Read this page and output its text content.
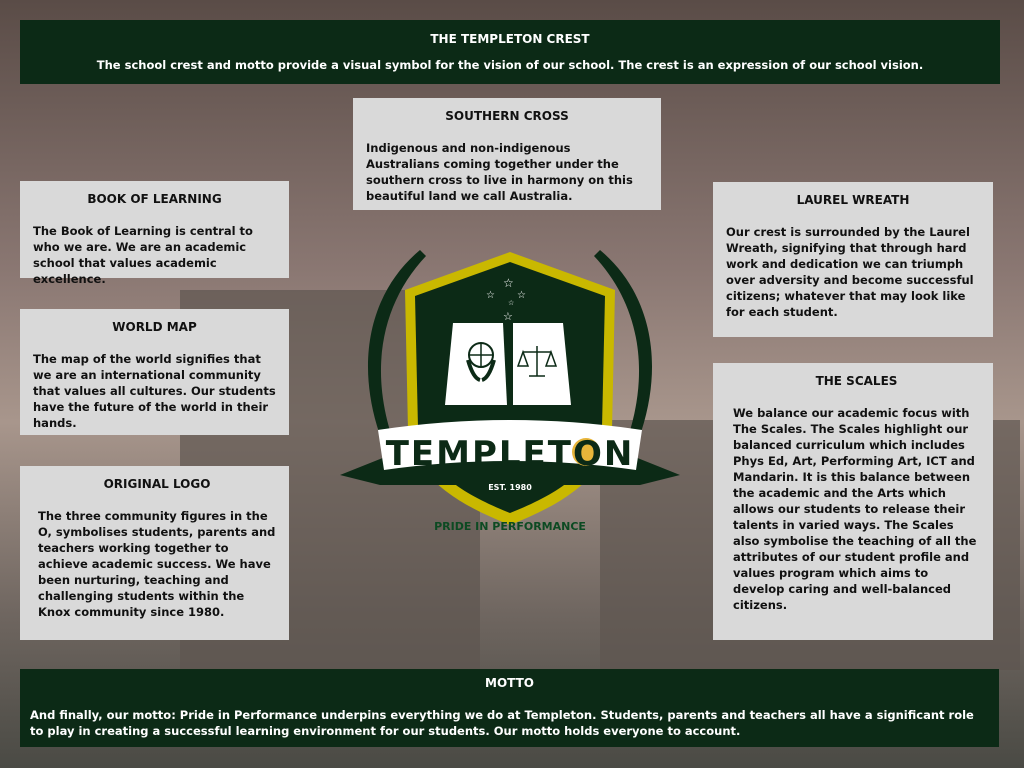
THE TEMPLETON CREST

The school crest and motto provide a visual symbol for the vision of our school. The crest is an expression of our school vision.

SOUTHERN CROSS

Indigenous and non-indigenous Australians coming together under the southern cross to live in harmony on this beautiful land we call Australia.

BOOK OF LEARNING

The Book of Learning is central to who we are. We are an academic school that values academic excellence.

WORLD MAP

The map of the world signifies that we are an international community that values all cultures. Our students have the future of the world in their hands.

ORIGINAL LOGO

The three community figures in the O, symbolises students, parents and teachers working together to achieve academic success. We have been nurturing, teaching and challenging students within the Knox community since 1980.

LAUREL WREATH

Our crest is surrounded by the Laurel Wreath, signifying that through hard work and dedication we can triumph over adversity and become successful citizens; whatever that may look like for each student.

THE SCALES

We balance our academic focus with The Scales. The Scales highlight our balanced curriculum which includes Phys Ed, Art, Performing Art, ICT and Mandarin. It is this balance between the academic and the Arts which allows our students to release their talents in varied ways. The Scales also symbolise the teaching of all the attributes of our student profile and values program which aims to develop caring and well-balanced citizens.

☆
☆ ☆
☆
☆
TEMPLETON
EST. 1980
PRIDE IN PERFORMANCE
MOTTO

And finally, our motto: Pride in Performance underpins everything we do at Templeton. Students, parents and teachers all have a significant role to play in creating a successful learning environment for our students. Our motto holds everyone to account.
